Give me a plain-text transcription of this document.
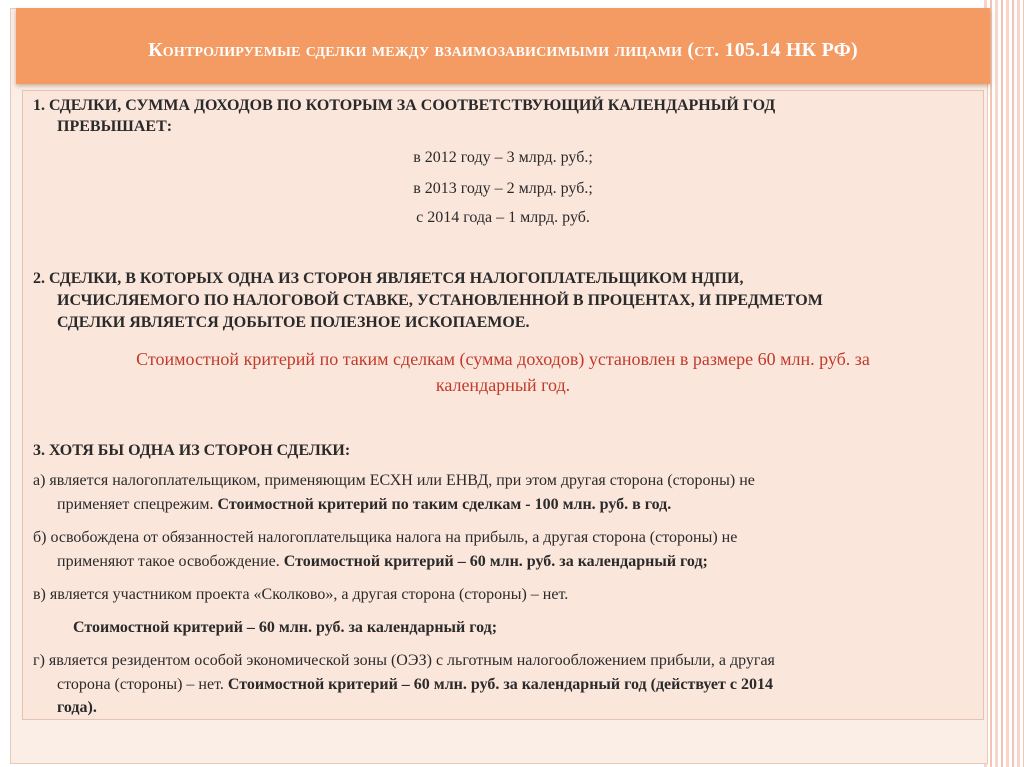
Контролируемые сделки между взаимозависимыми лицами (ст. 105.14 НК РФ)
1. СДЕЛКИ, СУММА ДОХОДОВ ПО КОТОРЫМ ЗА СООТВЕТСТВУЮЩИЙ КАЛЕНДАРНЫЙ ГОД
ПРЕВЫШАЕТ:
в 2012 году – 3 млрд. руб.;
в 2013 году – 2 млрд. руб.;
с 2014 года – 1 млрд. руб.
2. СДЕЛКИ, В КОТОРЫХ ОДНА ИЗ СТОРОН ЯВЛЯЕТСЯ НАЛОГОПЛАТЕЛЬЩИКОМ НДПИ,
ИСЧИСЛЯЕМОГО ПО НАЛОГОВОЙ СТАВКЕ, УСТАНОВЛЕННОЙ В ПРОЦЕНТАХ, И ПРЕДМЕТОМ
СДЕЛКИ ЯВЛЯЕТСЯ ДОБЫТОЕ ПОЛЕЗНОЕ ИСКОПАЕМОЕ.
Стоимостной критерий по таким сделкам (сумма доходов) установлен в размере 60 млн. руб. за
календарный год.
3. ХОТЯ БЫ ОДНА ИЗ СТОРОН СДЕЛКИ:
а) является налогоплательщиком, применяющим ЕСХН или ЕНВД, при этом другая сторона (стороны) не
применяет спецрежим. Стоимостной критерий по таким сделкам - 100 млн. руб. в год.
б) освобождена от обязанностей налогоплательщика налога на прибыль, а другая сторона (стороны) не
применяют такое освобождение. Стоимостной критерий – 60 млн. руб. за календарный год;
в) является участником проекта «Сколково», а другая сторона (стороны) – нет.
Стоимостной критерий – 60 млн. руб. за календарный год;
г) является резидентом особой экономической зоны (ОЭЗ) с льготным налогообложением прибыли, а другая
сторона (стороны) – нет. Стоимостной критерий – 60 млн. руб. за календарный год (действует с 2014
года).
